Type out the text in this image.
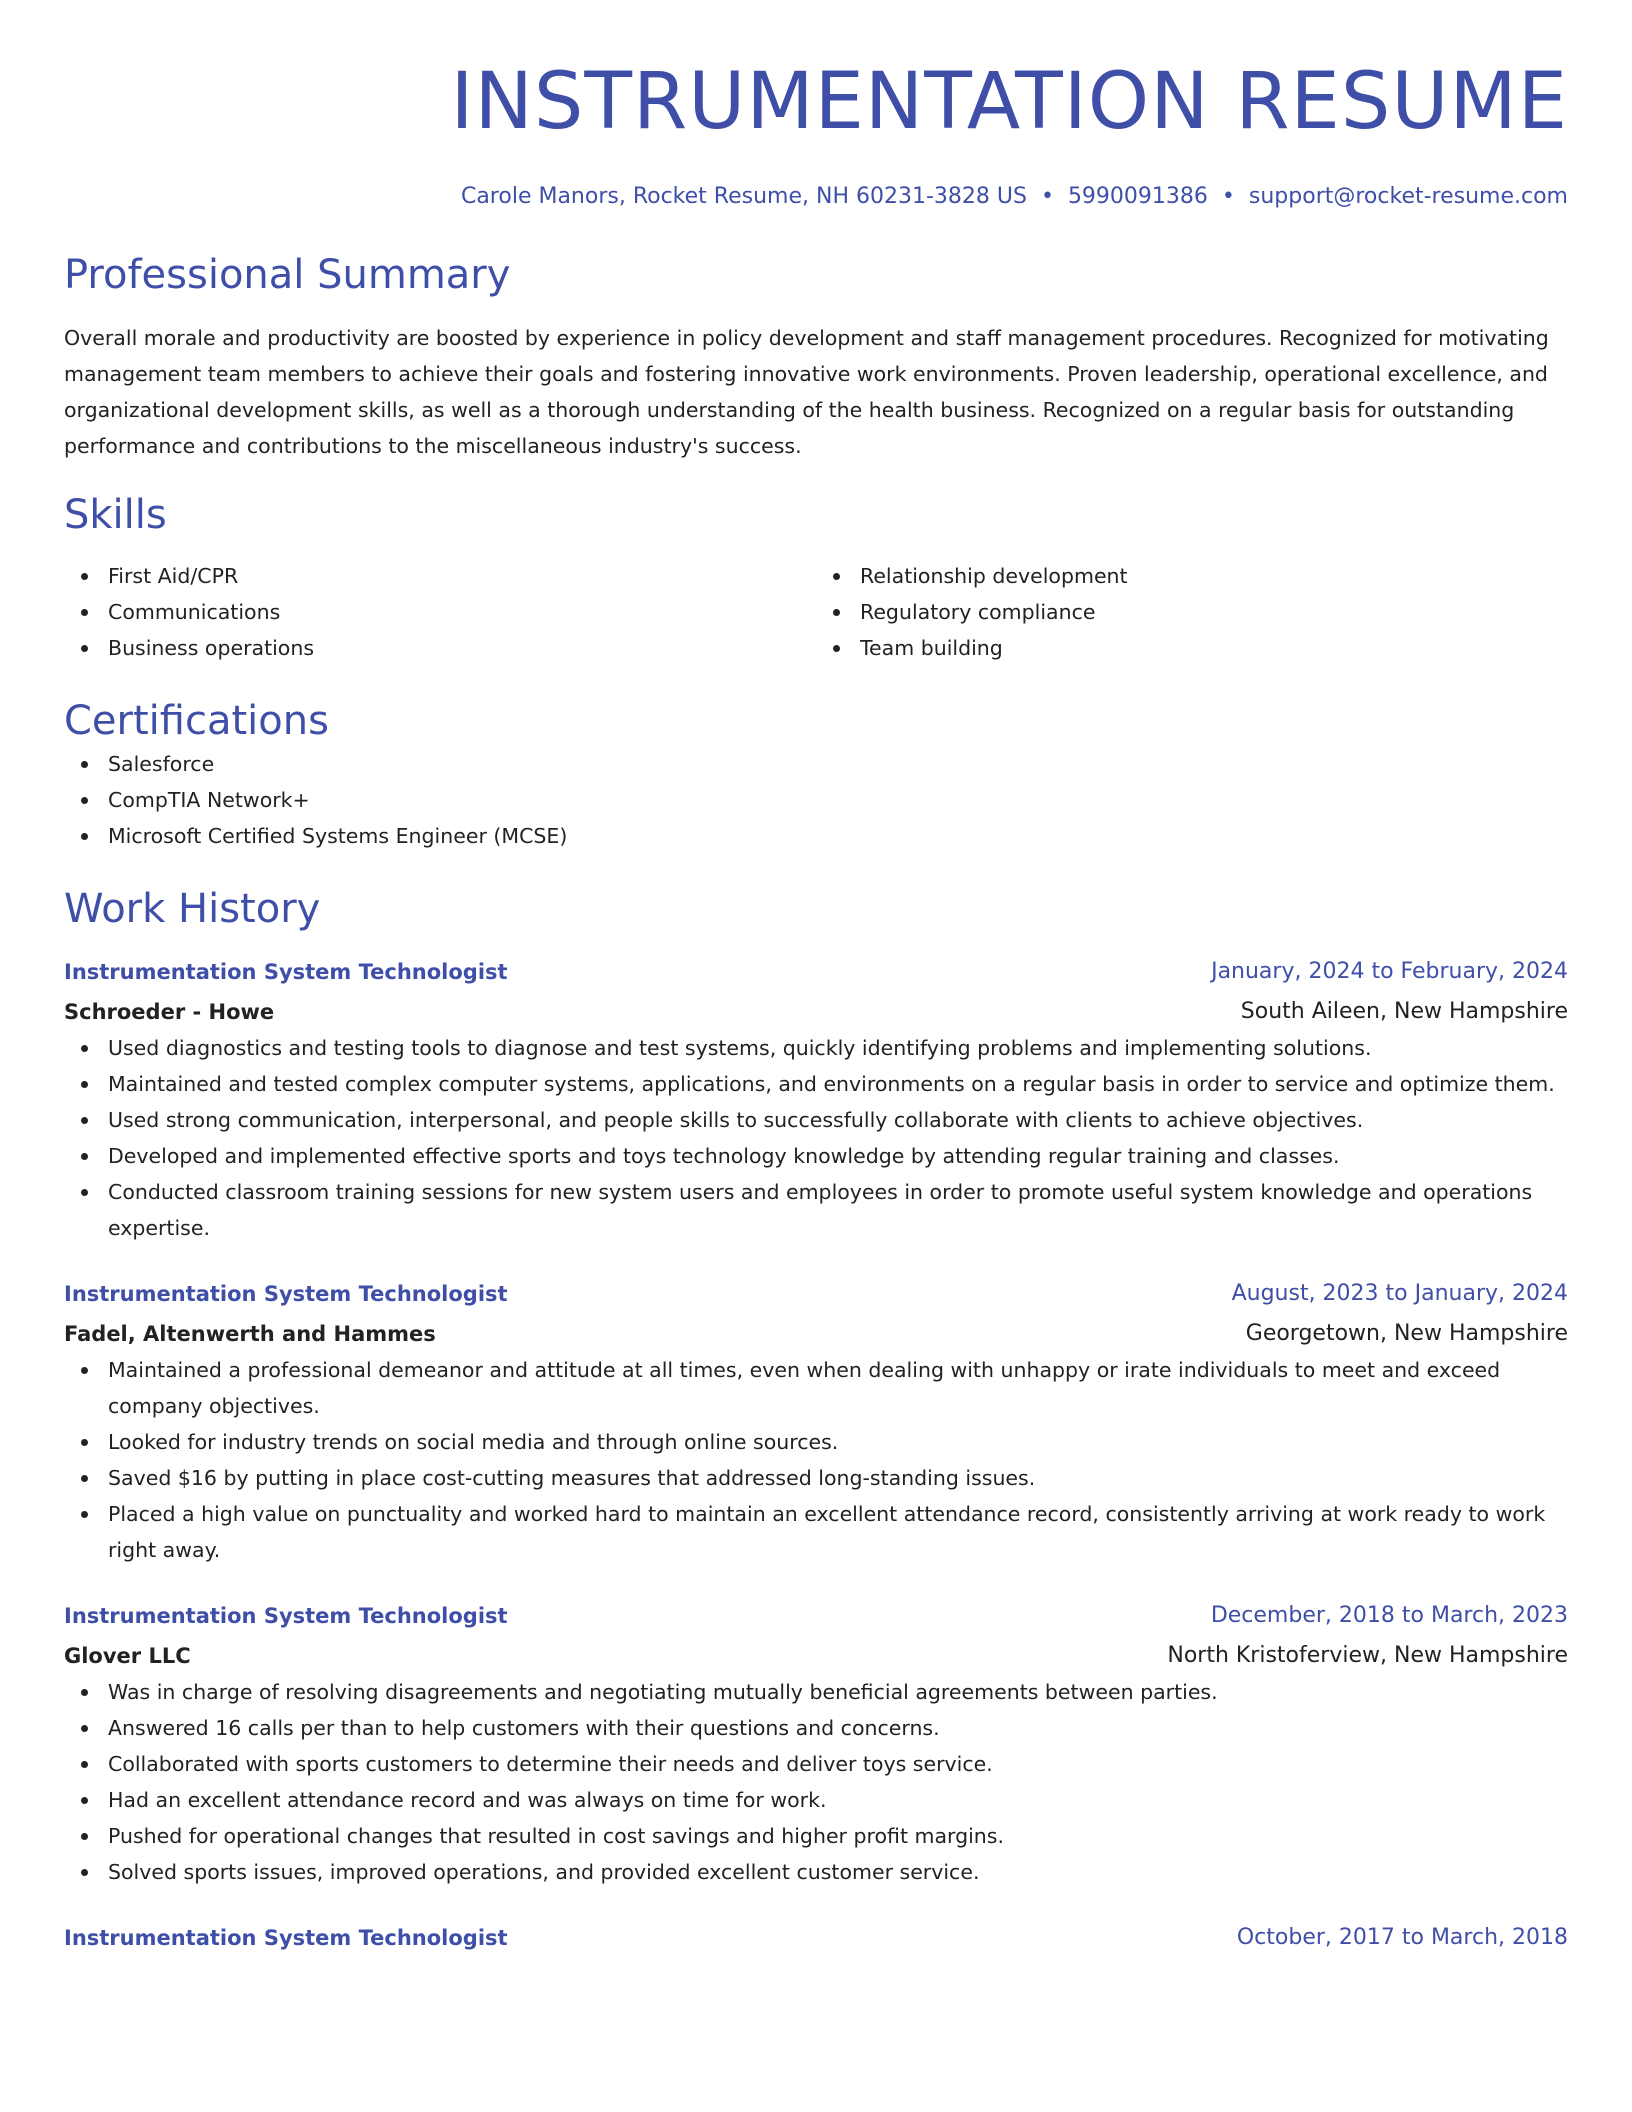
INSTRUMENTATION RESUME
Carole Manors, Rocket Resume, NH 60231-3828 US • 5990091386 • support@rocket-resume.com
Professional Summary
Overall morale and productivity are boosted by experience in policy development and staff management procedures. Recognized for motivating management team members to achieve their goals and fostering innovative work environments. Proven leadership, operational excellence, and organizational development skills, as well as a thorough understanding of the health business. Recognized on a regular basis for outstanding performance and contributions to the miscellaneous industry's success.
Skills
First Aid/CPR
Communications
Business operations
Relationship development
Regulatory compliance
Team building
Certifications
Salesforce
CompTIA Network+
Microsoft Certified Systems Engineer (MCSE)
Work History
Instrumentation System Technologist	January, 2024 to February, 2024
Schroeder - Howe	South Aileen, New Hampshire
Used diagnostics and testing tools to diagnose and test systems, quickly identifying problems and implementing solutions.
Maintained and tested complex computer systems, applications, and environments on a regular basis in order to service and optimize them.
Used strong communication, interpersonal, and people skills to successfully collaborate with clients to achieve objectives.
Developed and implemented effective sports and toys technology knowledge by attending regular training and classes.
Conducted classroom training sessions for new system users and employees in order to promote useful system knowledge and operations expertise.
Instrumentation System Technologist	August, 2023 to January, 2024
Fadel, Altenwerth and Hammes	Georgetown, New Hampshire
Maintained a professional demeanor and attitude at all times, even when dealing with unhappy or irate individuals to meet and exceed company objectives.
Looked for industry trends on social media and through online sources.
Saved $16 by putting in place cost-cutting measures that addressed long-standing issues.
Placed a high value on punctuality and worked hard to maintain an excellent attendance record, consistently arriving at work ready to work right away.
Instrumentation System Technologist	December, 2018 to March, 2023
Glover LLC	North Kristoferview, New Hampshire
Was in charge of resolving disagreements and negotiating mutually beneficial agreements between parties.
Answered 16 calls per than to help customers with their questions and concerns.
Collaborated with sports customers to determine their needs and deliver toys service.
Had an excellent attendance record and was always on time for work.
Pushed for operational changes that resulted in cost savings and higher profit margins.
Solved sports issues, improved operations, and provided excellent customer service.
Instrumentation System Technologist	October, 2017 to March, 2018
